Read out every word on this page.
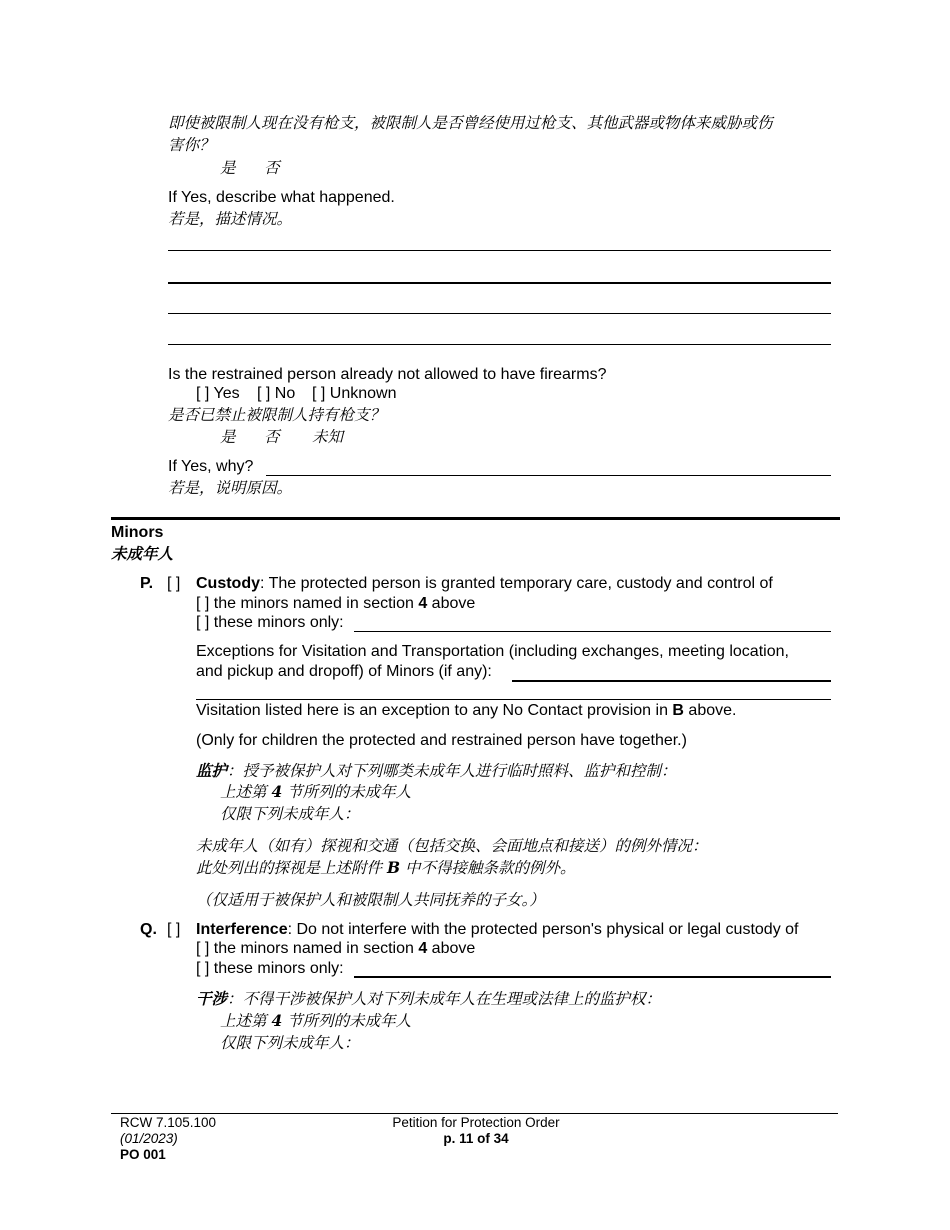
即使被限制人现在没有枪支，被限制人是否曾经使用过枪支、其他武器或物体来威胁或伤
害你？
是 否
If Yes, describe what happened.
若是，描述情况。
Is the restrained person already not allowed to have firearms?
[ ] Yes [ ] No [ ] Unknown
是否已禁止被限制人持有枪支？
是 否 未知
If Yes, why?
若是，说明原因。
Minors
未成年人
P. [ ] Custody: The protected person is granted temporary care, custody and control of
[ ] the minors named in section 4 above
[ ] these minors only:
Exceptions for Visitation and Transportation (including exchanges, meeting location,
and pickup and dropoff) of Minors (if any):
Visitation listed here is an exception to any No Contact provision in B above.
(Only for children the protected and restrained person have together.)
监护：授予被保护人对下列哪类未成年人进行临时照料、监护和控制：
上述第 4 节所列的未成年人
仅限下列未成年人：
未成年人（如有）探视和交通（包括交换、会面地点和接送）的例外情况：
此处列出的探视是上述附件 B 中不得接触条款的例外。
（仅适用于被保护人和被限制人共同抚养的子女。）
Q. [ ] Interference: Do not interfere with the protected person's physical or legal custody of
[ ] the minors named in section 4 above
[ ] these minors only:
干涉：不得干涉被保护人对下列未成年人在生理或法律上的监护权：
上述第 4 节所列的未成年人
仅限下列未成年人：
RCW 7.105.100
(01/2023)
PO 001
Petition for Protection Order
p. 11 of 34
